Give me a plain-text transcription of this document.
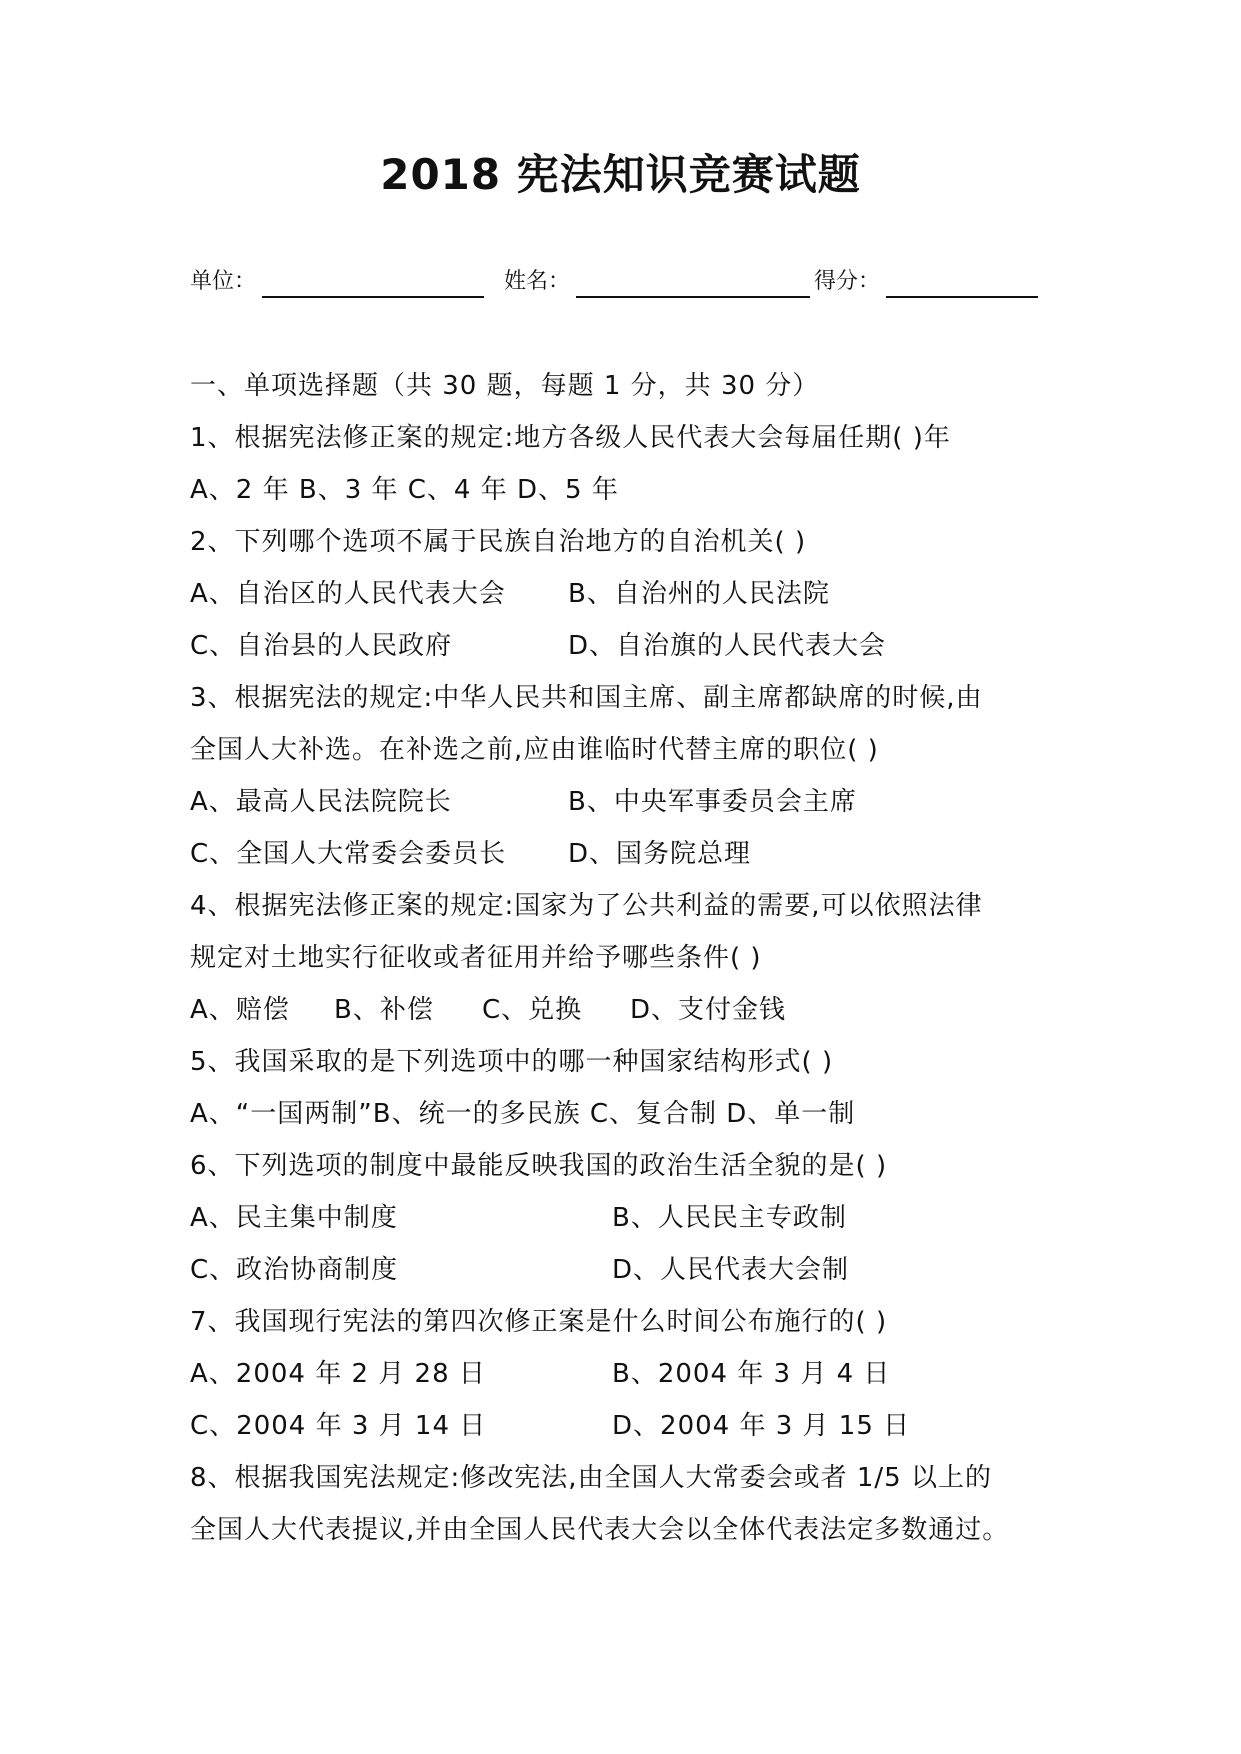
2018 宪法知识竞赛试题
单位：	姓名：	得分：
一、单项选择题（共 30 题，每题 1 分，共 30 分）
1、根据宪法修正案的规定:地方各级人民代表大会每届任期( )年
A、2 年 B、3 年 C、4 年 D、5 年
2、下列哪个选项不属于民族自治地方的自治机关( )
A、自治区的人民代表大会 B、自治州的人民法院
C、自治县的人民政府	D、自治旗的人民代表大会
3、根据宪法的规定:中华人民共和国主席、副主席都缺席的时候,由
全国人大补选。在补选之前,应由谁临时代替主席的职位( )
A、最高人民法院院长	B、中央军事委员会主席
C、全国人大常委会委员长 D、国务院总理
4、根据宪法修正案的规定:国家为了公共利益的需要,可以依照法律
规定对土地实行征收或者征用并给予哪些条件( )
A、赔偿 B、补偿 C、兑换 D、支付金钱
5、我国采取的是下列选项中的哪一种国家结构形式( )
A、“一国两制”B、统一的多民族 C、复合制 D、单一制
6、下列选项的制度中最能反映我国的政治生活全貌的是( )
A、民主集中制度	B、人民民主专政制
C、政治协商制度	D、人民代表大会制
7、我国现行宪法的第四次修正案是什么时间公布施行的( )
A、2004 年 2 月 28 日	B、2004 年 3 月 4 日
C、2004 年 3 月 14 日	D、2004 年 3 月 15 日
8、根据我国宪法规定:修改宪法,由全国人大常委会或者 1/5 以上的
全国人大代表提议,并由全国人民代表大会以全体代表法定多数通过。
